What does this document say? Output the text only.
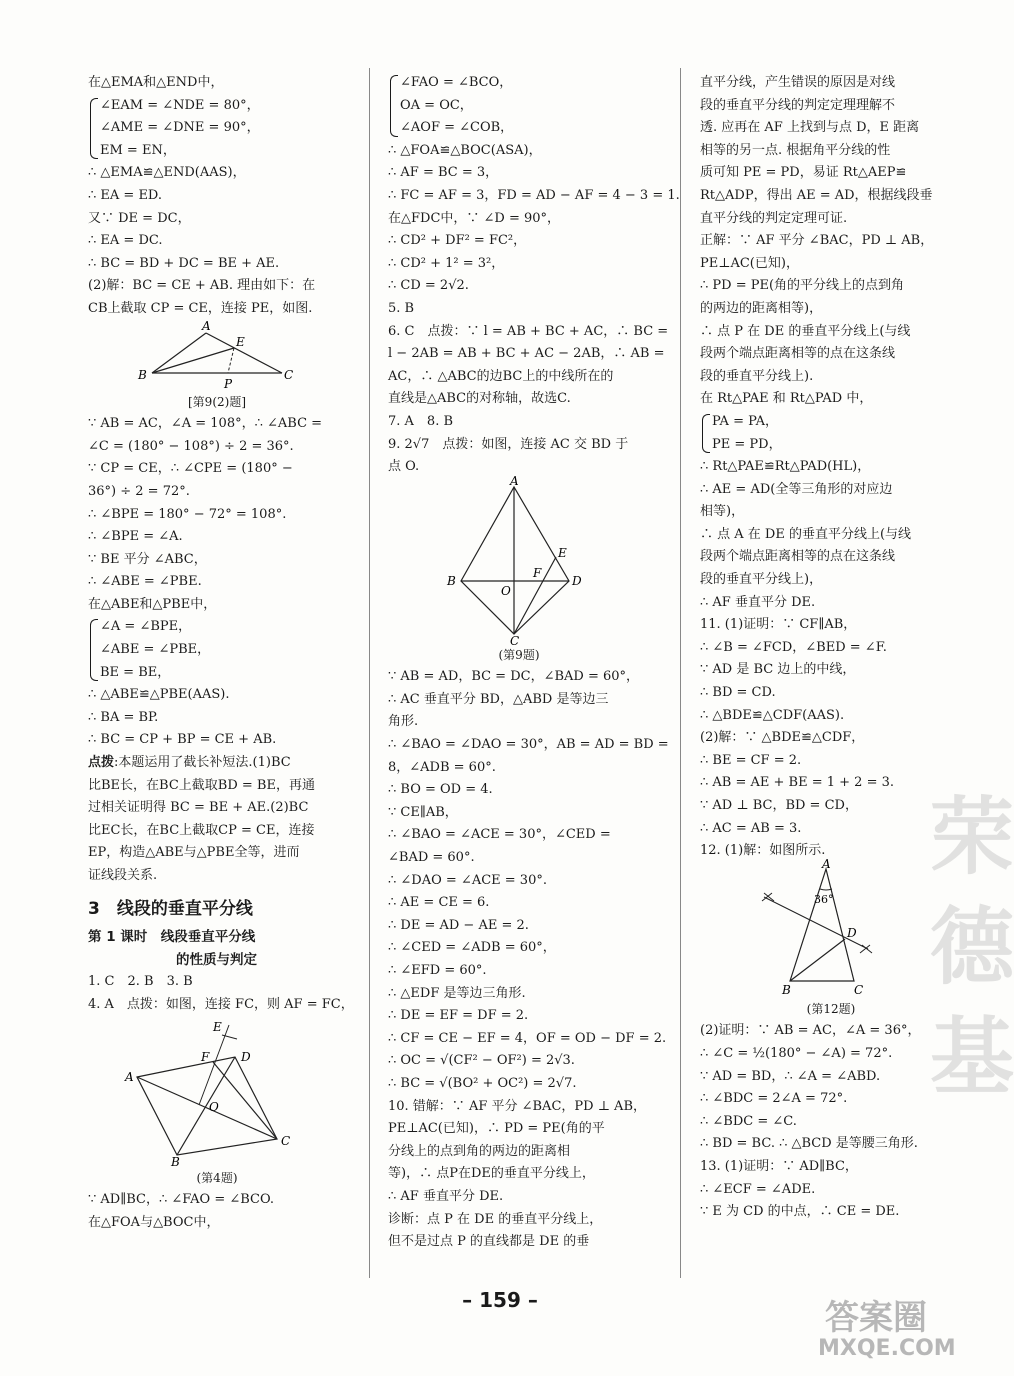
在△EMA和△END中，
∠EAM = ∠NDE = 80°，
∠AME = ∠DNE = 90°，
EM = EN，
∴ △EMA≌△END(AAS)，
∴ EA = ED.
又∵ DE = DC，
∴ EA = DC.
∴ BC = BD + DC = BE + AE.
(2)解：BC = CE + AB. 理由如下：在
CB上截取 CP = CE，连接 PE，如图.
A
B	C
E
P
[第9(2)题]
∵ AB = AC，∠A = 108°，∴ ∠ABC =
∠C = (180° − 108°) ÷ 2 = 36°.
∵ CP = CE，∴ ∠CPE = (180° −
36°) ÷ 2 = 72°.
∴ ∠BPE = 180° − 72° = 108°.
∴ ∠BPE = ∠A.
∵ BE 平分 ∠ABC，
∴ ∠ABE = ∠PBE.
在△ABE和△PBE中，
∠A = ∠BPE，
∠ABE = ∠PBE，
BE = BE，
∴ △ABE≌△PBE(AAS).
∴ BA = BP.
∴ BC = CP + BP = CE + AB.
点拨:本题运用了截长补短法.(1)BC
比BE长，在BC上截取BD = BE，再通
过相关证明得 BC = BE + AE.(2)BC
比EC长，在BC上截取CP = CE，连接
EP，构造△ABE与△PBE全等，进而
证线段关系.
3　线段的垂直平分线
第 1 课时　线段垂直平分线
的性质与判定
1. C　2. B　3. B
4. A　点拨：如图，连接 FC，则 AF = FC，
A
B
C
D
E
F
O
(第4题)
∵ AD∥BC，∴ ∠FAO = ∠BCO.
在△FOA与△BOC中，
∠FAO = ∠BCO，
OA = OC，
∠AOF = ∠COB，
∴ △FOA≌△BOC(ASA)，
∴ AF = BC = 3，
∴ FC = AF = 3，FD = AD − AF = 4 − 3 = 1.
在△FDC中，∵ ∠D = 90°，
∴ CD² + DF² = FC²，
∴ CD² + 1² = 3²，
∴ CD = 2√2.
5. B
6. C　点拨：∵ l = AB + BC + AC，∴ BC =
l − 2AB = AB + BC + AC − 2AB，∴ AB =
AC，∴ △ABC的边BC上的中线所在的
直线是△ABC的对称轴，故选C.
7. A　8. B
9. 2√7　点拨：如图，连接 AC 交 BD 于
点 O.
A
B
C
D
E
F
O
(第9题)
∵ AB = AD，BC = DC，∠BAD = 60°，
∴ AC 垂直平分 BD，△ABD 是等边三
角形.
∴ ∠BAO = ∠DAO = 30°，AB = AD = BD =
8，∠ADB = 60°.
∴ BO = OD = 4.
∵ CE∥AB，
∴ ∠BAO = ∠ACE = 30°，∠CED =
∠BAD = 60°.
∴ ∠DAO = ∠ACE = 30°.
∴ AE = CE = 6.
∴ DE = AD − AE = 2.
∴ ∠CED = ∠ADB = 60°，
∴ ∠EFD = 60°.
∴ △EDF 是等边三角形.
∴ DE = EF = DF = 2.
∴ CF = CE − EF = 4，OF = OD − DF = 2.
∴ OC = √(CF² − OF²) = 2√3.
∴ BC = √(BO² + OC²) = 2√7.
10. 错解：∵ AF 平分 ∠BAC，PD ⊥ AB，
PE⊥AC(已知)，∴ PD = PE(角的平
分线上的点到角的两边的距离相
等)，∴ 点P在DE的垂直平分线上，
∴ AF 垂直平分 DE.
诊断：点 P 在 DE 的垂直平分线上，
但不是过点 P 的直线都是 DE 的垂
直平分线，产生错误的原因是对线
段的垂直平分线的判定定理理解不
透. 应再在 AF 上找到与点 D，E 距离
相等的另一点. 根据角平分线的性
质可知 PE = PD，易证 Rt△AEP≌
Rt△ADP，得出 AE = AD，根据线段垂
直平分线的判定定理可证.
正解：∵ AF 平分 ∠BAC，PD ⊥ AB，
PE⊥AC(已知)，
∴ PD = PE(角的平分线上的点到角
的两边的距离相等)，
∴ 点 P 在 DE 的垂直平分线上(与线
段两个端点距离相等的点在这条线
段的垂直平分线上).
在 Rt△PAE 和 Rt△PAD 中，
PA = PA，
PE = PD，
∴ Rt△PAE≌Rt△PAD(HL)，
∴ AE = AD(全等三角形的对应边
相等)，
∴ 点 A 在 DE 的垂直平分线上(与线
段两个端点距离相等的点在这条线
段的垂直平分线上)，
∴ AF 垂直平分 DE.
11. (1)证明：∵ CF∥AB，
∴ ∠B = ∠FCD，∠BED = ∠F.
∵ AD 是 BC 边上的中线，
∴ BD = CD.
∴ △BDE≌△CDF(AAS).
(2)解：∵ △BDE≌△CDF，
∴ BE = CF = 2.
∴ AB = AE + BE = 1 + 2 = 3.
∵ AD ⊥ BC，BD = CD，
∴ AC = AB = 3.
12. (1)解：如图所示.
A
B	C
D
36°
(第12题)
(2)证明：∵ AB = AC，∠A = 36°，
∴ ∠C = ½(180° − ∠A) = 72°.
∵ AD = BD，∴ ∠A = ∠ABD.
∴ ∠BDC = 2∠A = 72°.
∴ ∠BDC = ∠C.
∴ BD = BC. ∴ △BCD 是等腰三角形.
13. (1)证明：∵ AD∥BC，
∴ ∠ECF = ∠ADE.
∵ E 为 CD 的中点，∴ CE = DE.
荣
德
基
答案圈
MXQE.COM
– 159 –
